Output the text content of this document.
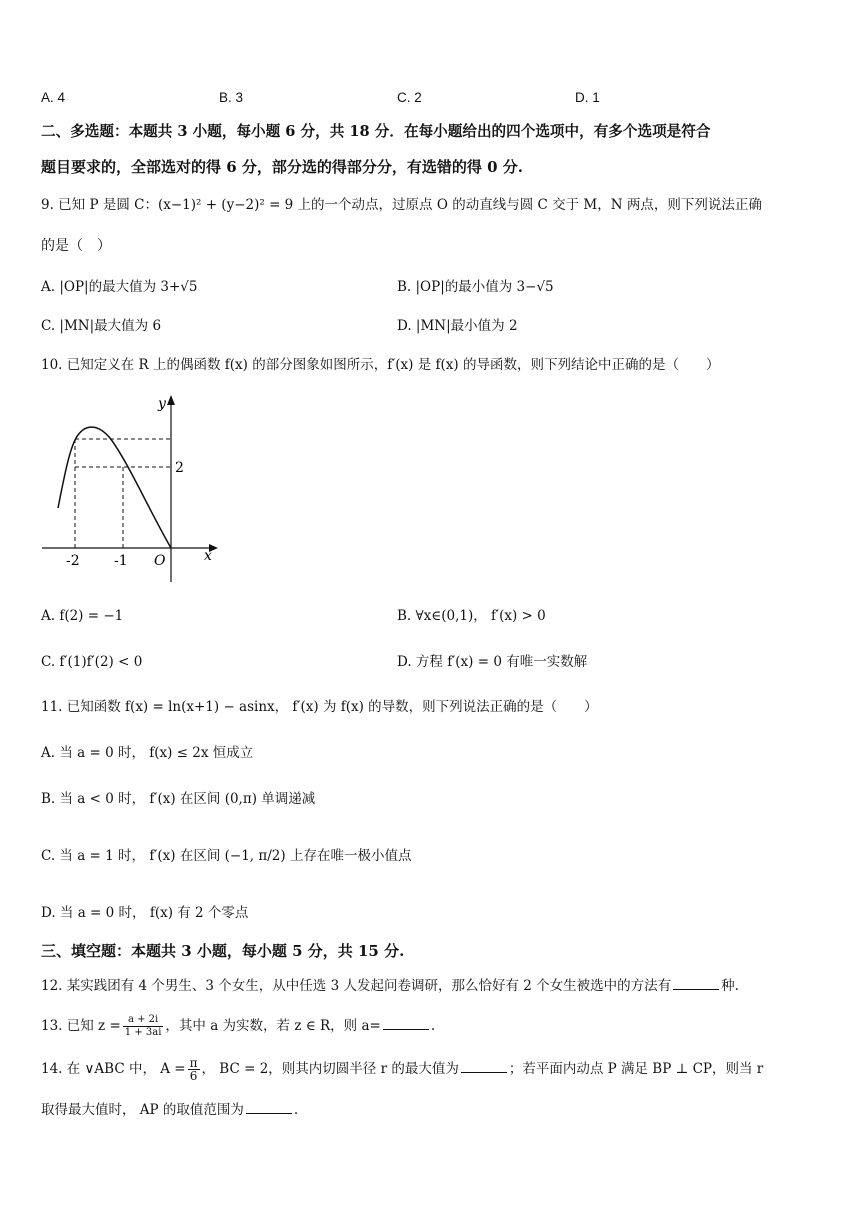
A. 4	B. 3	C. 2	D. 1
二、多选题：本题共 3 小题，每小题 6 分，共 18 分．在每小题给出的四个选项中，有多个选项是符合
题目要求的，全部选对的得 6 分，部分选的得部分分，有选错的得 0 分.
9. 已知 P 是圆 C：(x−1)² + (y−2)² = 9 上的一个动点，过原点 O 的动直线与圆 C 交于 M，N 两点，则下列说法正确
的是（　）
A. |OP|的最大值为 3+√5	B. |OP|的最小值为 3−√5
C. |MN|最大值为 6	D. |MN|最小值为 2
10. 已知定义在 R 上的偶函数 f(x) 的部分图象如图所示，f′(x) 是 f(x) 的导函数，则下列结论中正确的是（　　）
y
x
2
-2 -1 O
A. f(2) = −1	B. ∀x∈(0,1)， f′(x) > 0
C. f′(1)f′(2) < 0	D. 方程 f′(x) = 0 有唯一实数解
11. 已知函数 f(x) = ln(x+1) − asinx， f′(x) 为 f(x) 的导数，则下列说法正确的是（　　）
A. 当 a = 0 时， f(x) ≤ 2x 恒成立
B. 当 a < 0 时， f′(x) 在区间 (0,π) 单调递减
C. 当 a = 1 时， f′(x) 在区间 (−1, π/2) 上存在唯一极小值点
D. 当 a = 0 时， f(x) 有 2 个零点
三、填空题：本题共 3 小题，每小题 5 分，共 15 分.
12. 某实践团有 4 个男生、3 个女生，从中任选 3 人发起问卷调研，那么恰好有 2 个女生被选中的方法有	种.
13. 已知 $z = \frac{a + 2i}{1 + 3ai}$ ，其中 a 为实数，若 z ∈ R，则 a=	.
14. 在 ∨ABC 中， $A = \frac{\pi}{6}$ ， BC = 2，则其内切圆半径 r 的最大值为	；若平面内动点 P 满足 BP ⊥ CP，则当 r
取得最大值时， AP 的取值范围为	.
